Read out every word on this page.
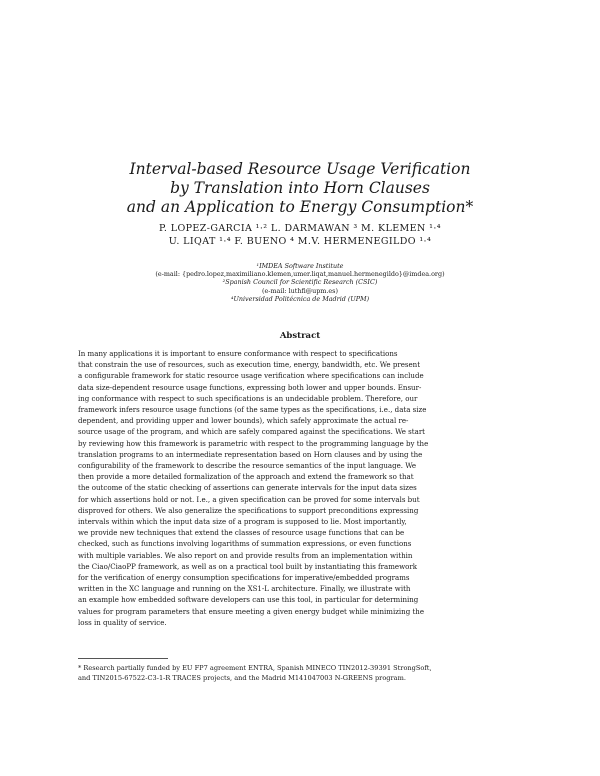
Interval-based Resource Usage Verification
by Translation into Horn Clauses
and an Application to Energy Consumption*
P. LOPEZ-GARCIA ¹·² L. DARMAWAN ³ M. KLEMEN ¹·⁴
U. LIQAT ¹·⁴ F. BUENO ⁴ M.V. HERMENEGILDO ¹·⁴
¹IMDEA Software Institute
(e-mail: {pedro.lopez,maximiliano.klemen,umer.liqat,manuel.hermenegildo}@imdea.org)
²Spanish Council for Scientific Research (CSIC)
(e-mail: luthfi@upm.es)
⁴Universidad Politécnica de Madrid (UPM)
Abstract
In many applications it is important to ensure conformance with respect to specifications
that constrain the use of resources, such as execution time, energy, bandwidth, etc. We present
a configurable framework for static resource usage verification where specifications can include
data size-dependent resource usage functions, expressing both lower and upper bounds. Ensur-
ing conformance with respect to such specifications is an undecidable problem. Therefore, our
framework infers resource usage functions (of the same types as the specifications, i.e., data size
dependent, and providing upper and lower bounds), which safely approximate the actual re-
source usage of the program, and which are safely compared against the specifications. We start
by reviewing how this framework is parametric with respect to the programming language by the
translation programs to an intermediate representation based on Horn clauses and by using the
configurability of the framework to describe the resource semantics of the input language. We
then provide a more detailed formalization of the approach and extend the framework so that
the outcome of the static checking of assertions can generate intervals for the input data sizes
for which assertions hold or not. I.e., a given specification can be proved for some intervals but
disproved for others. We also generalize the specifications to support preconditions expressing
intervals within which the input data size of a program is supposed to lie. Most importantly,
we provide new techniques that extend the classes of resource usage functions that can be
checked, such as functions involving logarithms of summation expressions, or even functions
with multiple variables. We also report on and provide results from an implementation within
the Ciao/CiaoPP framework, as well as on a practical tool built by instantiating this framework
for the verification of energy consumption specifications for imperative/embedded programs
written in the XC language and running on the XS1-L architecture. Finally, we illustrate with
an example how embedded software developers can use this tool, in particular for determining
values for program parameters that ensure meeting a given energy budget while minimizing the
loss in quality of service.
* Research partially funded by EU FP7 agreement ENTRA, Spanish MINECO TIN2012-39391 StrongSoft,
and TIN2015-67522-C3-1-R TRACES projects, and the Madrid M141047003 N-GREENS program.
